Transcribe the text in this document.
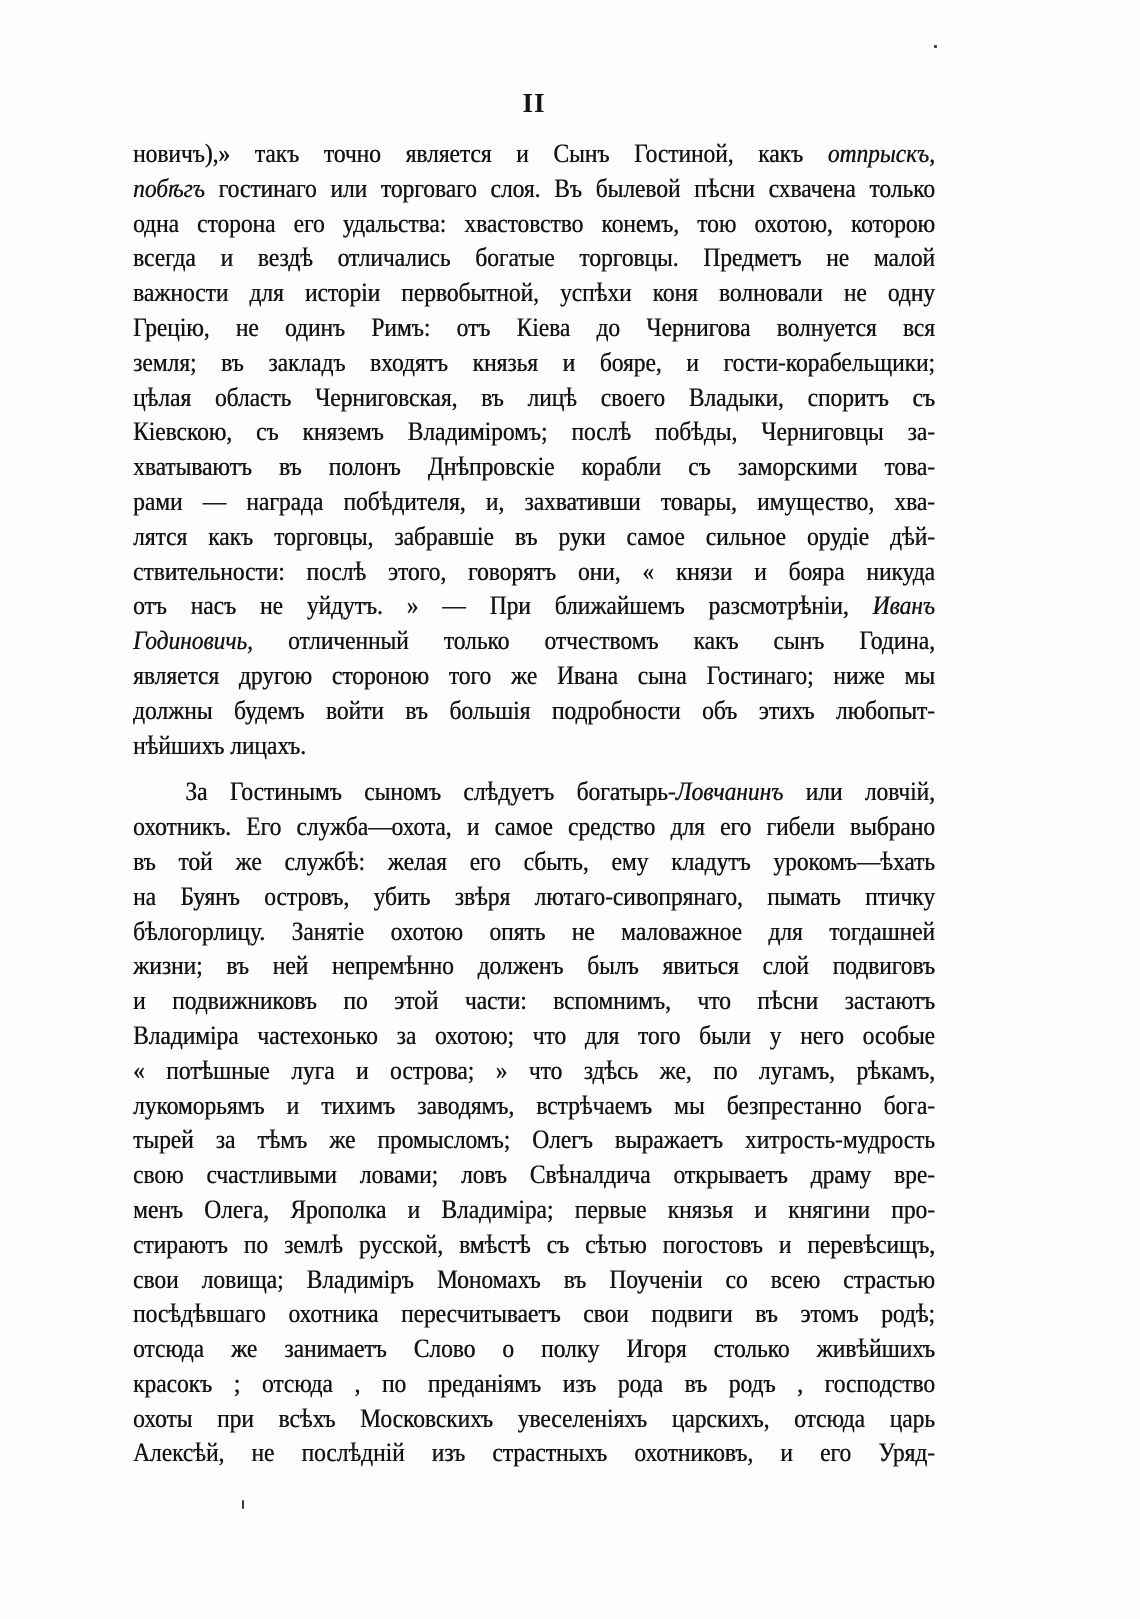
II
новичъ),» такъ точно является и Сынъ Гостиной, какъ отпрыскъ,
побѣгъ гостинаго или торговаго слоя. Въ былевой пѣсни схвачена только
одна сторона его удальства: хвастовство конемъ, тою охотою, которою
всегда и вездѣ отличались богатые торговцы. Предметъ не малой
важности для исторіи первобытной, успѣхи коня волновали не одну
Грецію, не одинъ Римъ: отъ Кіева до Чернигова волнуется вся
земля; въ закладъ входятъ князья и бояре, и гости-корабельщики;
цѣлая область Черниговская, въ лицѣ своего Владыки, споритъ съ
Кіевскою, съ княземъ Владиміромъ; послѣ побѣды, Черниговцы за-
хватываютъ въ полонъ Днѣпровскіе корабли съ заморскими това-
рами — награда побѣдителя, и, захвативши товары, имущество, хва-
лятся какъ торговцы, забравшіе въ руки самое сильное орудіе дѣй-
ствительности: послѣ этого, говорятъ они, « князи и бояра никуда
отъ насъ не уйдутъ. » — При ближайшемъ разсмотрѣніи, Иванъ
Годиновичь, отличенный только отчествомъ какъ сынъ Година,
является другою стороною того же Ивана сына Гостинаго; ниже мы
должны будемъ войти въ большія подробности объ этихъ любопыт-
нѣйшихъ лицахъ.
За Гостинымъ сыномъ слѣдуетъ богатырь-Ловчанинъ или ловчій,
охотникъ. Его служба—охота, и самое средство для его гибели выбрано
въ той же службѣ: желая его сбыть, ему кладутъ урокомъ—ѣхать
на Буянъ островъ, убить звѣря лютаго-сивопрянаго, пымать птичку
бѣлогорлицу. Занятіе охотою опять не маловажное для тогдашней
жизни; въ ней непремѣнно долженъ былъ явиться слой подвиговъ
и подвижниковъ по этой части: вспомнимъ, что пѣсни застаютъ
Владиміра частехонько за охотою; что для того были у него особые
« потѣшные луга и острова; » что здѣсь же, по лугамъ, рѣкамъ,
лукоморьямъ и тихимъ заводямъ, встрѣчаемъ мы безпрестанно бога-
тырей за тѣмъ же промысломъ; Олегъ выражаетъ хитрость-мудрость
свою счастливыми ловами; ловъ Свѣналдича открываетъ драму вре-
менъ Олега, Ярополка и Владиміра; первые князья и княгини про-
стираютъ по землѣ русской, вмѣстѣ съ сѣтью погостовъ и перевѣсищъ,
свои ловища; Владиміръ Мономахъ въ Поученіи со всею страстью
посѣдѣвшаго охотника пересчитываетъ свои подвиги въ этомъ родѣ;
отсюда же занимаетъ Слово о полку Игоря столько живѣйшихъ
красокъ ; отсюда , по преданіямъ изъ рода въ родъ , господство
охоты при всѣхъ Московскихъ увеселеніяхъ царскихъ, отсюда царь
Алексѣй, не послѣдній изъ страстныхъ охотниковъ, и его Уряд-
